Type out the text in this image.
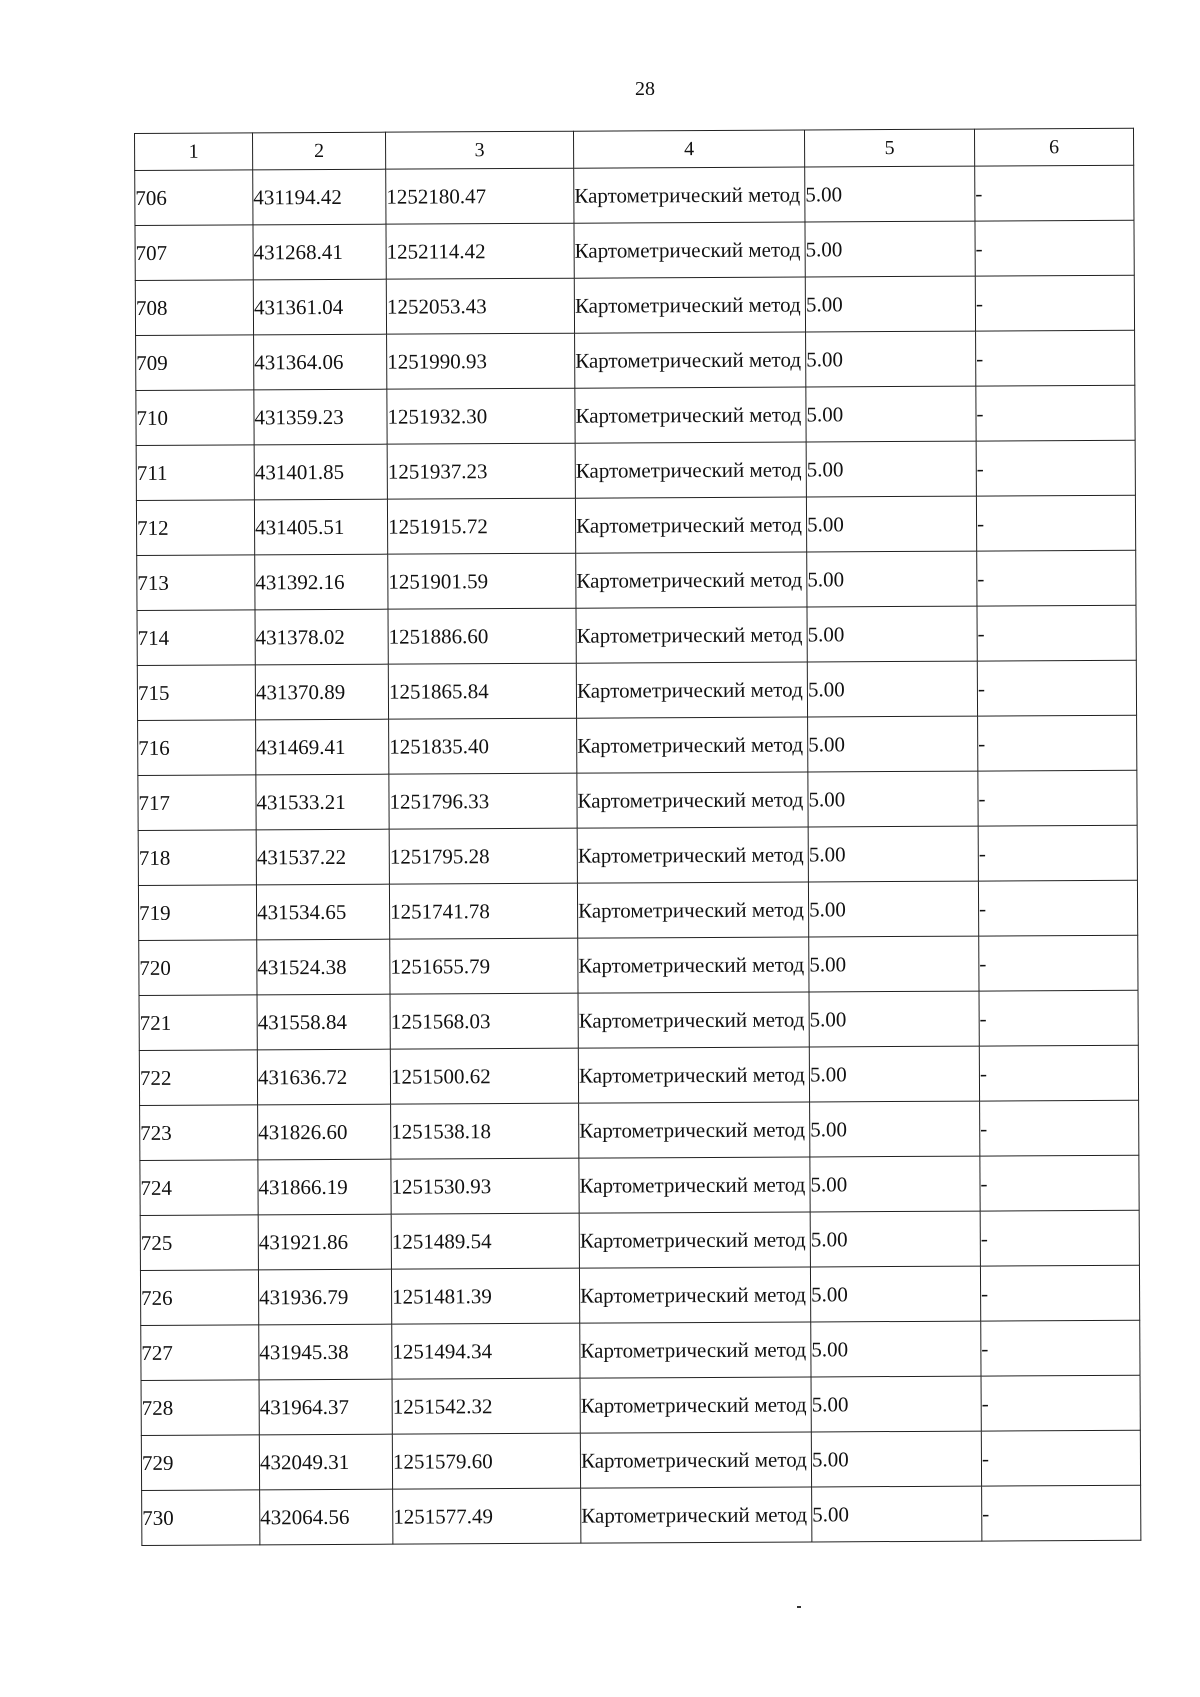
28
1	2	3	4	5	6
706	431194.42	1252180.47	Картометрический метод	5.00	-
707	431268.41	1252114.42	Картометрический метод	5.00	-
708	431361.04	1252053.43	Картометрический метод	5.00	-
709	431364.06	1251990.93	Картометрический метод	5.00	-
710	431359.23	1251932.30	Картометрический метод	5.00	-
711	431401.85	1251937.23	Картометрический метод	5.00	-
712	431405.51	1251915.72	Картометрический метод	5.00	-
713	431392.16	1251901.59	Картометрический метод	5.00	-
714	431378.02	1251886.60	Картометрический метод	5.00	-
715	431370.89	1251865.84	Картометрический метод	5.00	-
716	431469.41	1251835.40	Картометрический метод	5.00	-
717	431533.21	1251796.33	Картометрический метод	5.00	-
718	431537.22	1251795.28	Картометрический метод	5.00	-
719	431534.65	1251741.78	Картометрический метод	5.00	-
720	431524.38	1251655.79	Картометрический метод	5.00	-
721	431558.84	1251568.03	Картометрический метод	5.00	-
722	431636.72	1251500.62	Картометрический метод	5.00	-
723	431826.60	1251538.18	Картометрический метод	5.00	-
724	431866.19	1251530.93	Картометрический метод	5.00	-
725	431921.86	1251489.54	Картометрический метод	5.00	-
726	431936.79	1251481.39	Картометрический метод	5.00	-
727	431945.38	1251494.34	Картометрический метод	5.00	-
728	431964.37	1251542.32	Картометрический метод	5.00	-
729	432049.31	1251579.60	Картометрический метод	5.00	-
730	432064.56	1251577.49	Картометрический метод	5.00	-
